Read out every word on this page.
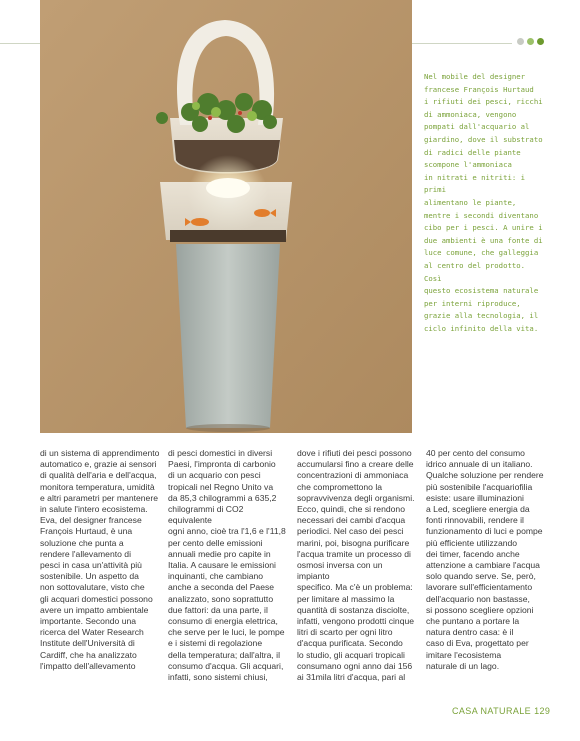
Nel mobile del designer
francese François Hurtaud
i rifiuti dei pesci, ricchi
di ammoniaca, vengono
pompati dall'acquario al
giardino, dove il substrato
di radici delle piante
scompone l'ammoniaca
in nitrati e nitriti: i primi
alimentano le piante,
mentre i secondi diventano
cibo per i pesci. A unire i
due ambienti è una fonte di
luce comune, che galleggia
al centro del prodotto. Così
questo ecosistema naturale
per interni riproduce,
grazie alla tecnologia, il
ciclo infinito della vita.
di un sistema di apprendimento
automatico e, grazie ai sensori
di qualità dell'aria e dell'acqua,
monitora temperatura, umidità
e altri parametri per mantenere
in salute l'intero ecosistema.
Eva, del designer francese
François Hurtaud, è una
soluzione che punta a
rendere l'allevamento di
pesci in casa un'attività più
sostenibile. Un aspetto da
non sottovalutare, visto che
gli acquari domestici possono
avere un impatto ambientale
importante. Secondo una
ricerca del Water Research
Institute dell'Università di
Cardiff, che ha analizzato
l'impatto dell'allevamento
di pesci domestici in diversi
Paesi, l'impronta di carbonio
di un acquario con pesci
tropicali nel Regno Unito va
da 85,3 chilogrammi a 635,2
chilogrammi di CO2 equivalente
ogni anno, cioè tra l'1,6 e l'11,8
per cento delle emissioni
annuali medie pro capite in
Italia. A causare le emissioni
inquinanti, che cambiano
anche a seconda del Paese
analizzato, sono soprattutto
due fattori: da una parte, il
consumo di energia elettrica,
che serve per le luci, le pompe
e i sistemi di regolazione
della temperatura; dall'altra, il
consumo d'acqua. Gli acquari,
infatti, sono sistemi chiusi,
dove i rifiuti dei pesci possono
accumularsi fino a creare delle
concentrazioni di ammoniaca
che compromettono la
sopravvivenza degli organismi.
Ecco, quindi, che si rendono
necessari dei cambi d'acqua
periodici. Nel caso dei pesci
marini, poi, bisogna purificare
l'acqua tramite un processo di
osmosi inversa con un impianto
specifico. Ma c'è un problema:
per limitare al massimo la
quantità di sostanza disciolte,
infatti, vengono prodotti cinque
litri di scarto per ogni litro
d'acqua purificata. Secondo
lo studio, gli acquari tropicali
consumano ogni anno dai 156
ai 31mila litri d'acqua, pari al
40 per cento del consumo
idrico annuale di un italiano.
Qualche soluzione per rendere
più sostenibile l'acquariofilia
esiste: usare illuminazioni
a Led, scegliere energia da
fonti rinnovabili, rendere il
funzionamento di luci e pompe
più efficiente utilizzando
dei timer, facendo anche
attenzione a cambiare l'acqua
solo quando serve. Se, però,
lavorare sull'efficientamento
dell'acquario non bastasse,
si possono scegliere opzioni
che puntano a portare la
natura dentro casa: è il
caso di Eva, progettato per
imitare l'ecosistema
naturale di un lago.
CASA NATURALE 129
